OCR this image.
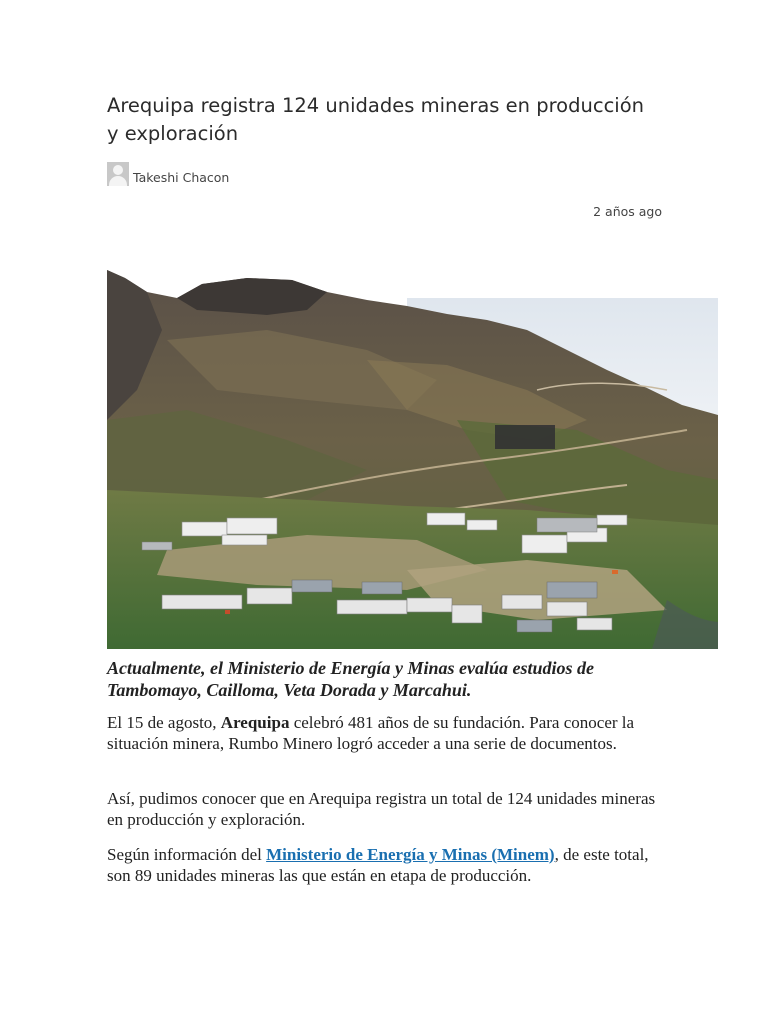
Arequipa registra 124 unidades mineras en producción y exploración
Takeshi Chacon
2 años ago

Actualmente, el Ministerio de Energía y Minas evalúa estudios de Tambomayo, Cailloma, Veta Dorada y Marcahui.

El 15 de agosto, Arequipa celebró 481 años de su fundación. Para conocer la situación minera, Rumbo Minero logró acceder a una serie de documentos.

Así, pudimos conocer que en Arequipa registra un total de 124 unidades mineras en producción y exploración.

Según información del Ministerio de Energía y Minas (Minem), de este total, son 89 unidades mineras las que están en etapa de producción.
